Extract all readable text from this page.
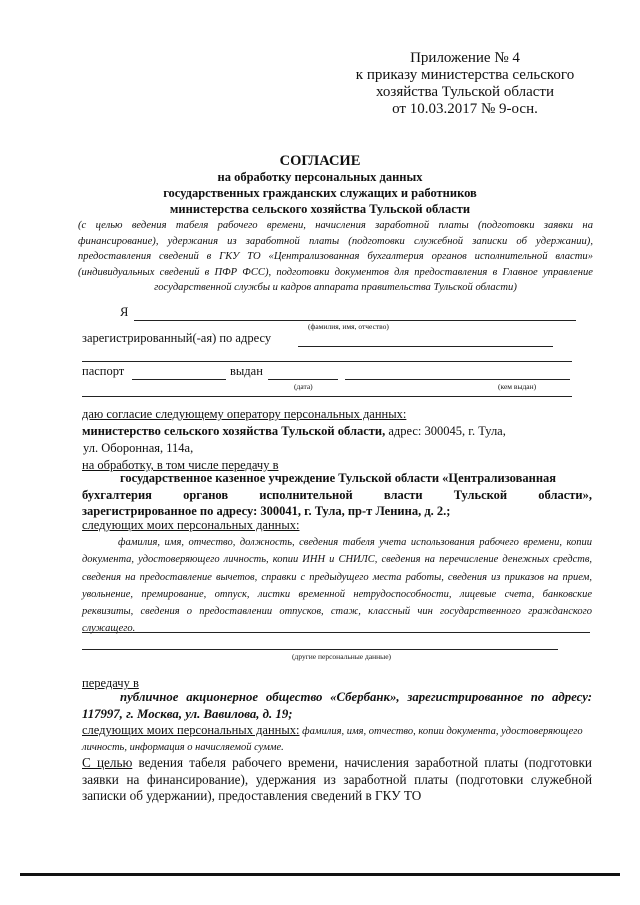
Приложение № 4
к приказу министерства сельского
хозяйства Тульской области
от 10.03.2017 № 9-осн.
СОГЛАСИЕ
на обработку персональных данных
государственных гражданских служащих и работников
министерства сельского хозяйства Тульской области
(с целью ведения табеля рабочего времени, начисления заработной платы (подготовки заявки на финансирование), удержания из заработной платы (подготовки служебной записки об удержании), предоставления сведений в ГКУ ТО «Централизованная бухгалтерия органов исполнительной власти» (индивидуальных сведений в ПФР ФСС), подготовки документов для предоставления в Главное управление государственной службы и кадров аппарата правительства Тульской области)
Я
(фамилия, имя, отчество)
зарегистрированный(-ая) по адресу
паспорт	выдан
(дата)	(кем выдан)
даю согласие следующему оператору персональных данных:
министерство сельского хозяйства Тульской области, адрес: 300045, г. Тула,
ул. Оборонная, 114а,
на обработку, в том числе передачу в
государственное казенное учреждение Тульской области «Централизованная
бухгалтерия органов исполнительной власти Тульской области»,
зарегистрированное по адресу: 300041, г. Тула, пр-т Ленина, д. 2.;
следующих моих персональных данных:
фамилия, имя, отчество, должность, сведения табеля учета использования рабочего времени, копии документа, удостоверяющего личность, копии ИНН и СНИЛС, сведения на перечисление денежных средств, сведения на предоставление вычетов, справки с предыдущего места работы, сведения из приказов на прием, увольнение, премирование, отпуск, листки временной нетрудоспособности, лицевые счета, банковские реквизиты, сведения о предоставлении отпусков, стаж, классный чин государственного гражданского служащего.
(другие персональные данные)
передачу в
публичное акционерное общество «Сбербанк», зарегистрированное по адресу: 117997, г. Москва, ул. Вавилова, д. 19;
следующих моих персональных данных: фамилия, имя, отчество, копии документа, удостоверяющего личность, информация о начисляемой сумме.
С целью ведения табеля рабочего времени, начисления заработной платы (подготовки заявки на финансирование), удержания из заработной платы (подготовки служебной записки об удержании), предоставления сведений в ГКУ ТО
